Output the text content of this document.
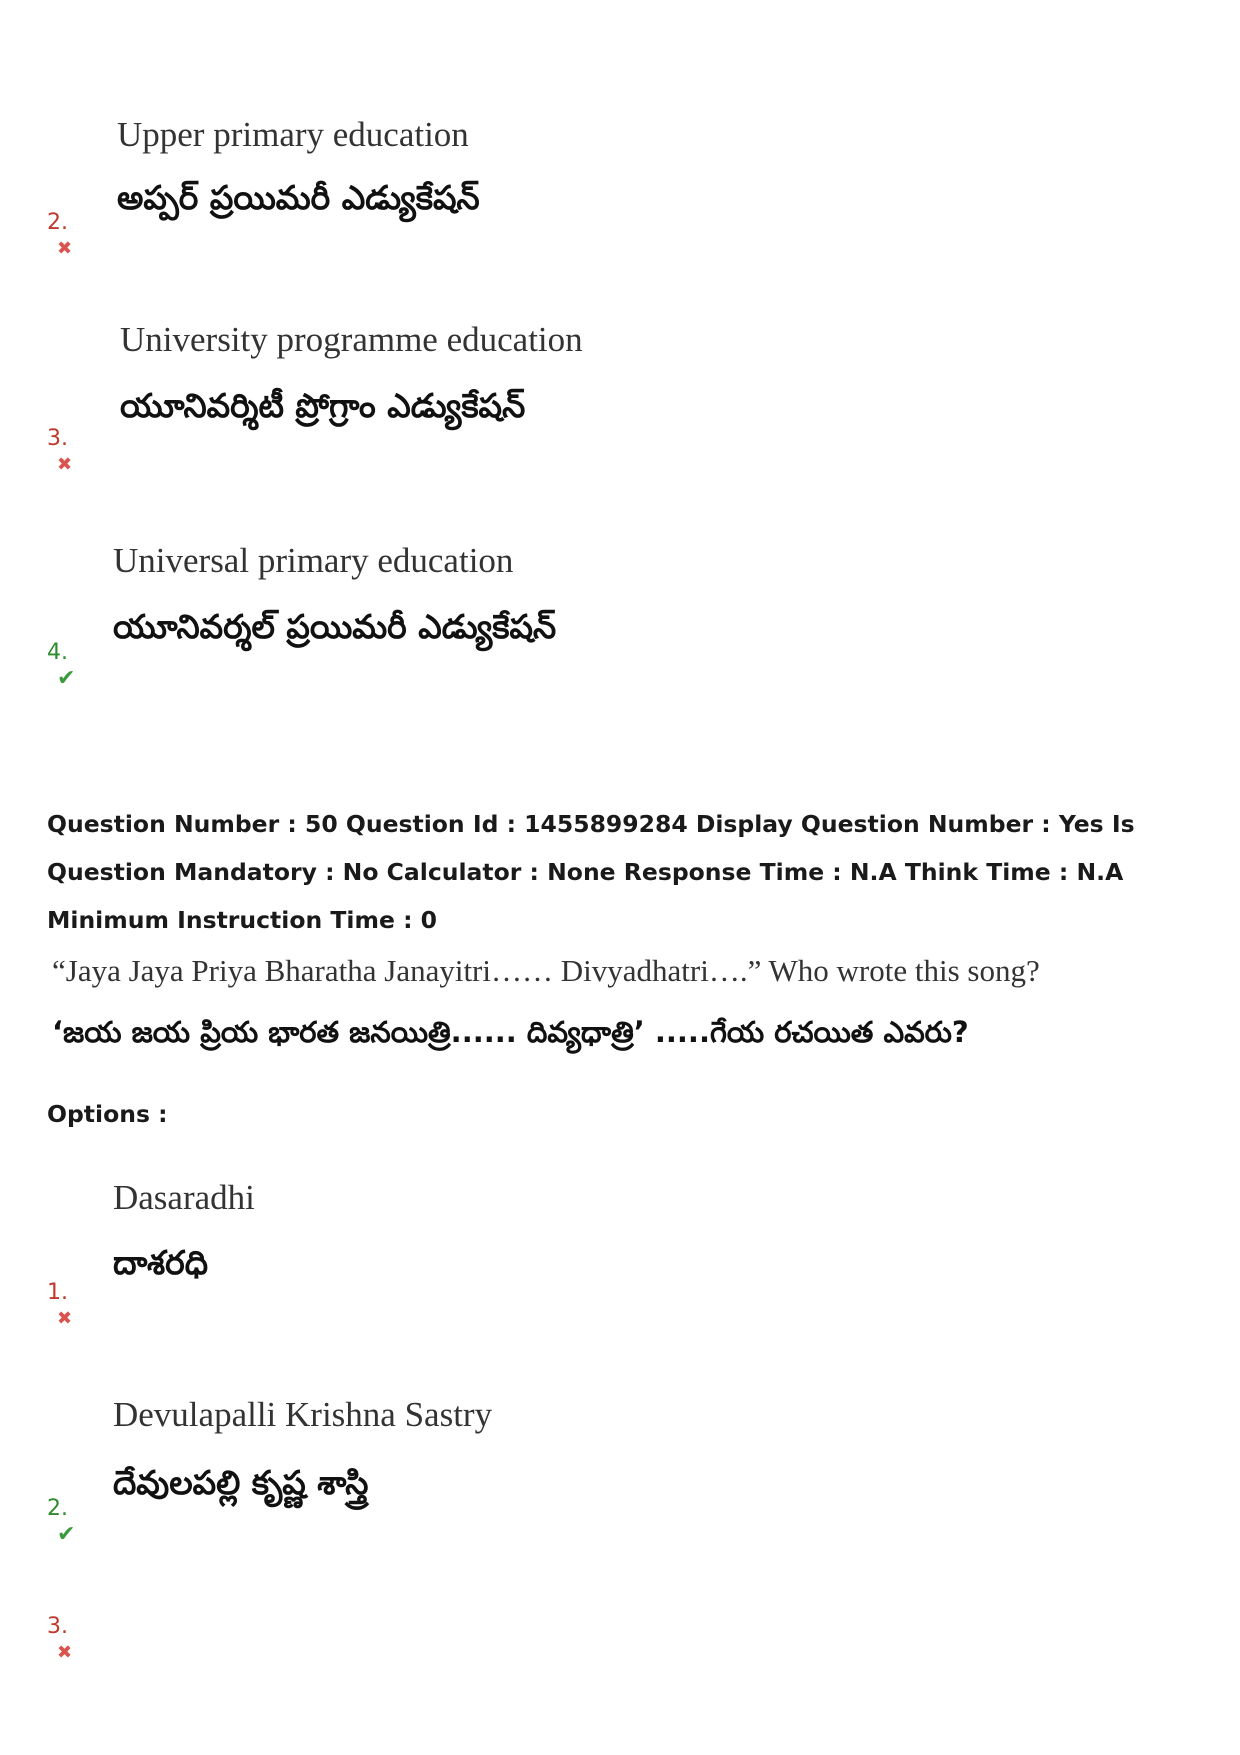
Upper primary education
అప్పర్ ప్రయిమరీ ఎడ్యుకేషన్
2.✖
University programme education
యూనివర్శిటీ ప్రోగ్రాం ఎడ్యుకేషన్
3.✖
Universal primary education
యూనివర్శల్ ప్రయిమరీ ఎడ్యుకేషన్
4.✔
Question Number : 50 Question Id : 1455899284 Display Question Number : Yes Is Question Mandatory : No Calculator : None Response Time : N.A Think Time : N.A Minimum Instruction Time : 0
“Jaya Jaya Priya Bharatha Janayitri…… Divyadhatri….” Who wrote this song?
‘జయ జయ ప్రియ భారత జనయిత్రి...... దివ్యధాత్రి’ .....గేయ రచయిత ఎవరు?
Options :
Dasaradhi
దాశరధి
1.✖
Devulapalli Krishna Sastry
దేవులపల్లి కృష్ణ శాస్త్రి
2.✔
3.✖
